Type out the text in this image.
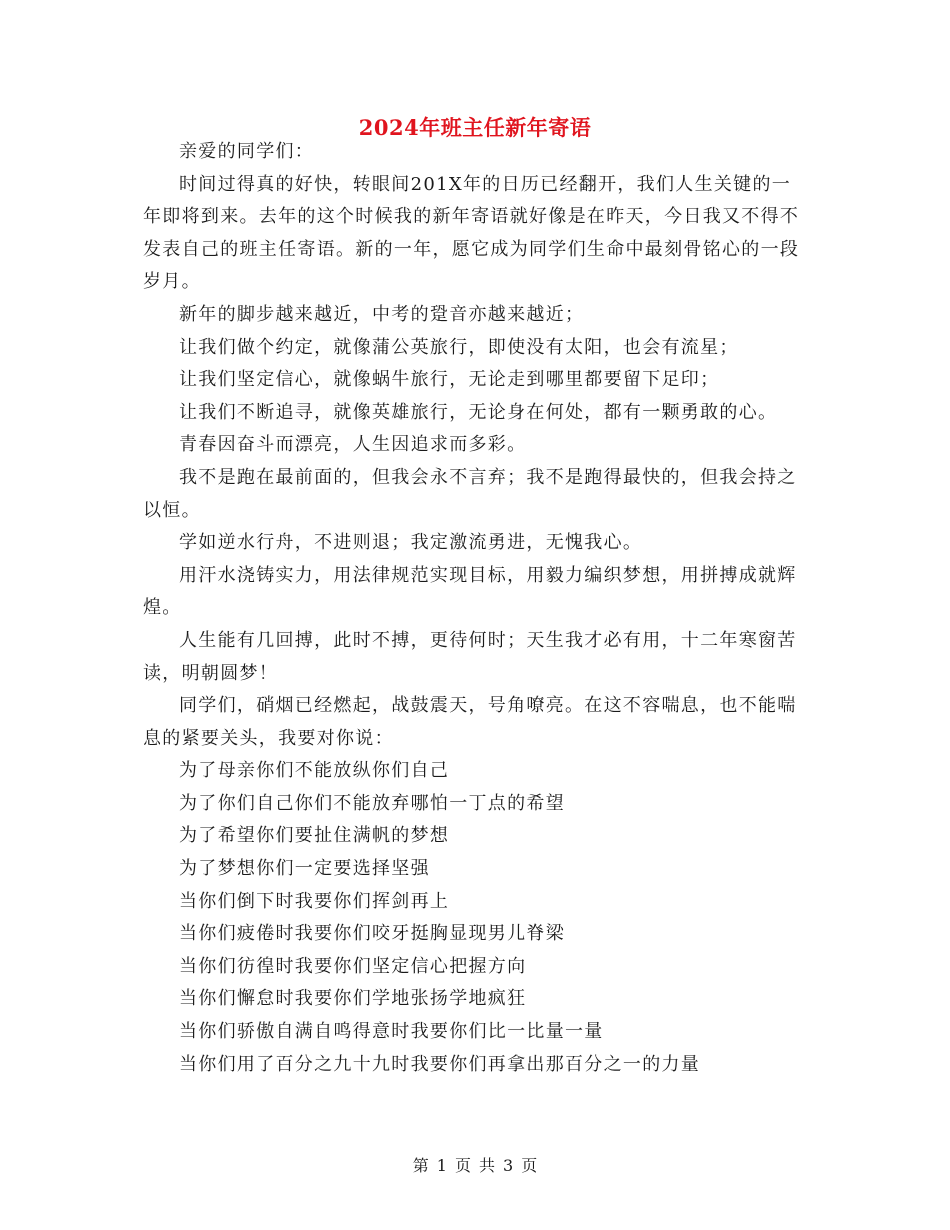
2024年班主任新年寄语

亲爱的同学们：

时间过得真的好快，转眼间201X年的日历已经翻开，我们人生关键的一年即将到来。去年的这个时候我的新年寄语就好像是在昨天，今日我又不得不发表自己的班主任寄语。新的一年，愿它成为同学们生命中最刻骨铭心的一段岁月。

新年的脚步越来越近，中考的跫音亦越来越近；

让我们做个约定，就像蒲公英旅行，即使没有太阳，也会有流星；

让我们坚定信心，就像蜗牛旅行，无论走到哪里都要留下足印；

让我们不断追寻，就像英雄旅行，无论身在何处，都有一颗勇敢的心。

青春因奋斗而漂亮，人生因追求而多彩。

我不是跑在最前面的，但我会永不言弃；我不是跑得最快的，但我会持之以恒。

学如逆水行舟，不进则退；我定激流勇进，无愧我心。

用汗水浇铸实力，用法律规范实现目标，用毅力编织梦想，用拼搏成就辉煌。

人生能有几回搏，此时不搏，更待何时；天生我才必有用，十二年寒窗苦读，明朝圆梦！

同学们，硝烟已经燃起，战鼓震天，号角嘹亮。在这不容喘息，也不能喘息的紧要关头，我要对你说：

为了母亲你们不能放纵你们自己

为了你们自己你们不能放弃哪怕一丁点的希望

为了希望你们要扯住满帆的梦想

为了梦想你们一定要选择坚强

当你们倒下时我要你们挥剑再上

当你们疲倦时我要你们咬牙挺胸显现男儿脊梁

当你们彷徨时我要你们坚定信心把握方向

当你们懈怠时我要你们学地张扬学地疯狂

当你们骄傲自满自鸣得意时我要你们比一比量一量

当你们用了百分之九十九时我要你们再拿出那百分之一的力量

第 1 页 共 3 页
